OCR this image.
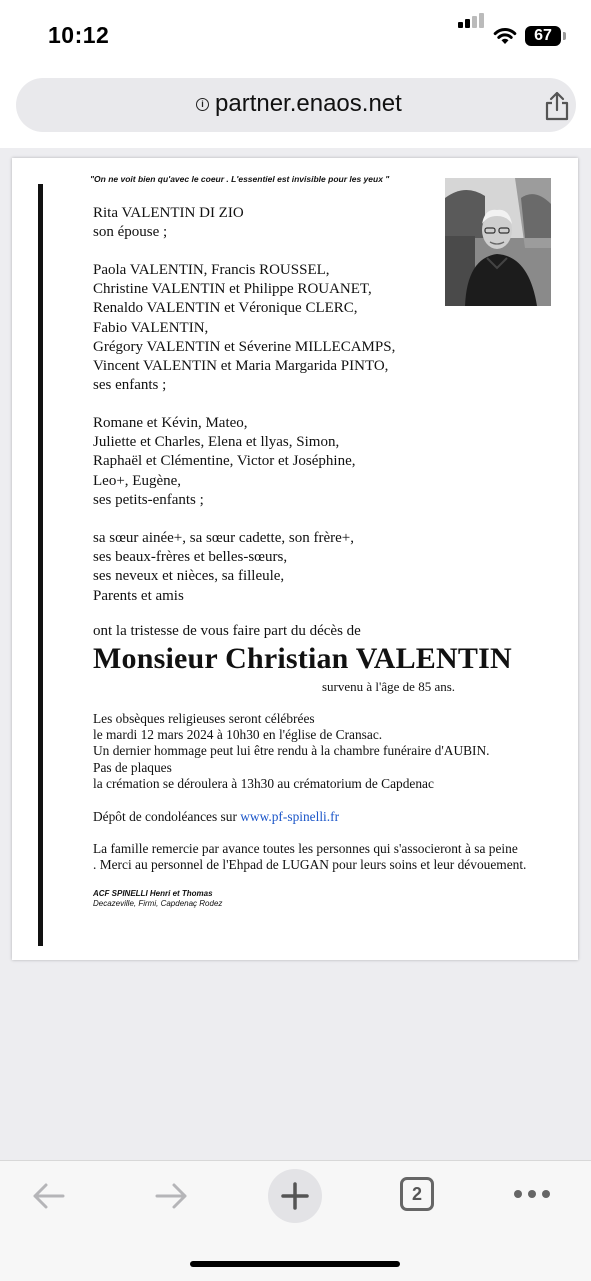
10:12	67
i partner.enaos.net
"On ne voit bien qu'avec le coeur . L'essentiel est invisible pour les yeux "
Rita VALENTIN DI ZIO
son épouse ;
Paola VALENTIN, Francis ROUSSEL,
Christine VALENTIN et Philippe ROUANET,
Renaldo VALENTIN et Véronique CLERC,
Fabio VALENTIN,
Grégory VALENTIN et Séverine MILLECAMPS,
Vincent VALENTIN et Maria Margarida PINTO,
ses enfants ;
Romane et Kévin, Mateo,
Juliette et Charles, Elena et llyas, Simon,
Raphaël et Clémentine, Victor et Joséphine,
Leo+, Eugène,
ses petits-enfants ;
sa sœur ainée+, sa sœur cadette, son frère+,
ses beaux-frères et belles-sœurs,
ses neveux et nièces, sa filleule,
Parents et amis
ont la tristesse de vous faire part du décès de
Monsieur Christian VALENTIN
survenu à l'âge de 85 ans.
Les obsèques religieuses seront célébrées
le mardi 12 mars 2024 à 10h30 en l'église de Cransac.
Un dernier hommage peut lui être rendu à la chambre funéraire d'AUBIN.
Pas de plaques
la crémation se déroulera à 13h30 au crématorium de Capdenac
Dépôt de condoléances sur www.pf-spinelli.fr
La famille remercie par avance toutes les personnes qui s'associeront à sa peine
. Merci au personnel de l'Ehpad de LUGAN pour leurs soins et leur dévouement.
ACF SPINELLI Henri et Thomas
Decazeville, Firmi, Capdenaç Rodez
2
